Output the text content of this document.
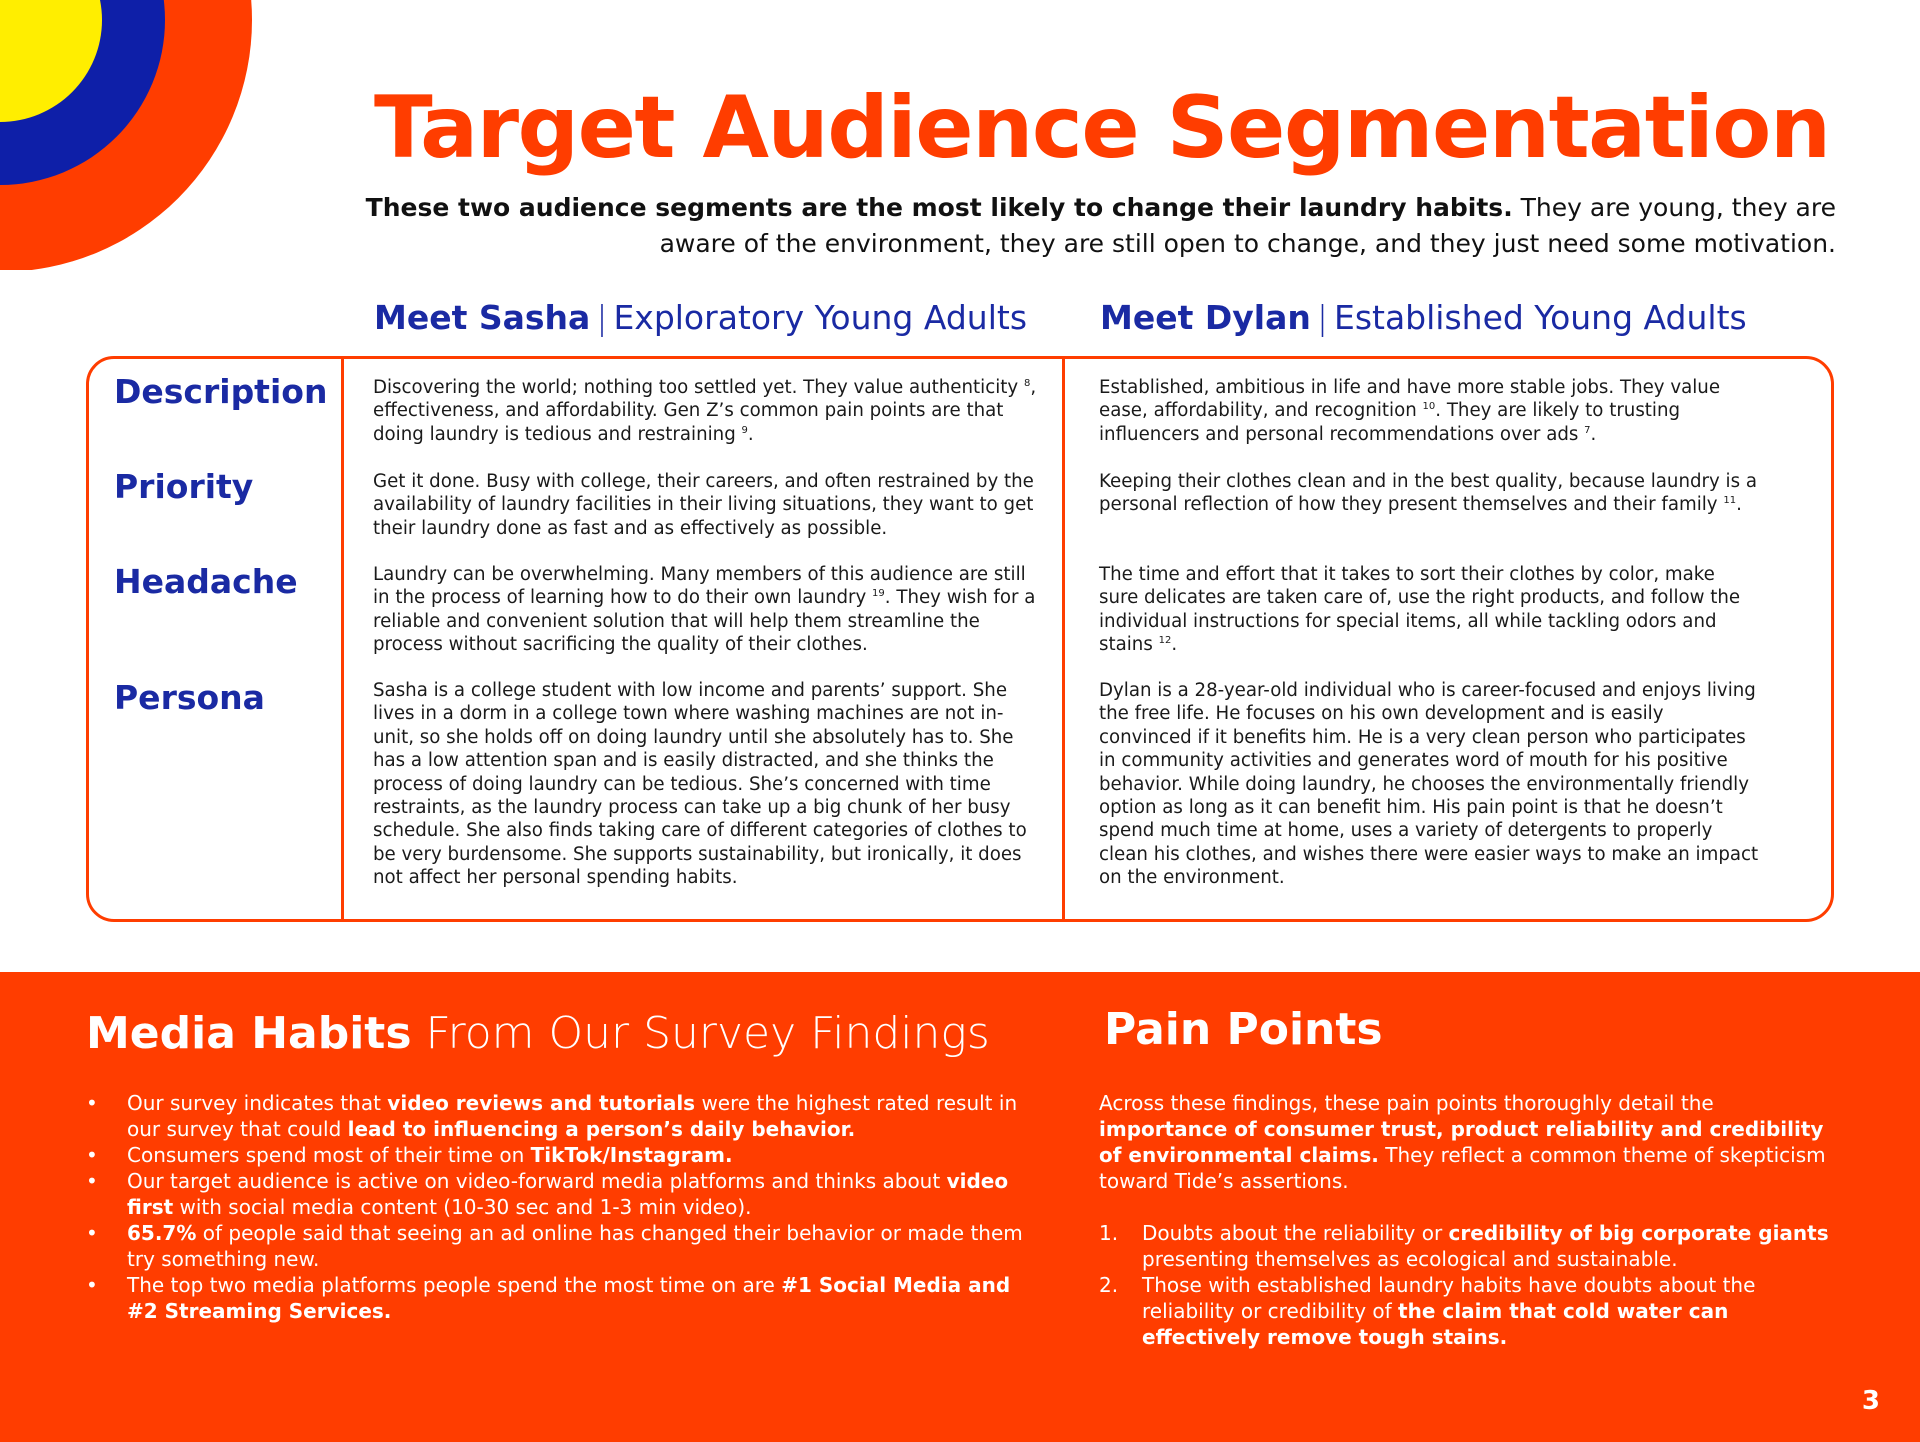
Target Audience Segmentation
These two audience segments are the most likely to change their laundry habits. They are young, they are aware of the environment, they are still open to change, and they just need some motivation.
Meet Sasha | Exploratory Young Adults Meet Dylan | Established Young Adults
Description
Priority
Headache
Persona
Discovering the world; nothing too settled yet. They value authenticity $^8$, effectiveness, and affordability. Gen Z’s common pain points are that doing laundry is tedious and restraining $^9$.
Established, ambitious in life and have more stable jobs. They value ease, affordability, and recognition $^{10}$. They are likely to trusting influencers and personal recommendations over ads $^7$.
Get it done. Busy with college, their careers, and often restrained by the availability of laundry facilities in their living situations, they want to get their laundry done as fast and as effectively as possible.
Keeping their clothes clean and in the best quality, because laundry is a personal reflection of how they present themselves and their family $^{11}$.
Laundry can be overwhelming. Many members of this audience are still in the process of learning how to do their own laundry $^{19}$. They wish for a reliable and convenient solution that will help them streamline the process without sacrificing the quality of their clothes.
The time and effort that it takes to sort their clothes by color, make sure delicates are taken care of, use the right products, and follow the individual instructions for special items, all while tackling odors and stains $^{12}$.
Sasha is a college student with low income and parents’ support. She lives in a dorm in a college town where washing machines are not in-unit, so she holds off on doing laundry until she absolutely has to. She has a low attention span and is easily distracted, and she thinks the process of doing laundry can be tedious. She’s concerned with time restraints, as the laundry process can take up a big chunk of her busy schedule. She also finds taking care of different categories of clothes to be very burdensome. She supports sustainability, but ironically, it does not affect her personal spending habits.
Dylan is a 28-year-old individual who is career-focused and enjoys living the free life. He focuses on his own development and is easily convinced if it benefits him. He is a very clean person who participates in community activities and generates word of mouth for his positive behavior. While doing laundry, he chooses the environmentally friendly option as long as it can benefit him. His pain point is that he doesn’t spend much time at home, uses a variety of detergents to properly clean his clothes, and wishes there were easier ways to make an impact on the environment.
Media Habits From Our Survey Findings
• Our survey indicates that video reviews and tutorials were the highest rated result in our survey that could lead to influencing a person’s daily behavior.
• Consumers spend most of their time on TikTok/Instagram.
• Our target audience is active on video-forward media platforms and thinks about video first with social media content (10-30 sec and 1-3 min video).
• 65.7% of people said that seeing an ad online has changed their behavior or made them try something new.
• The top two media platforms people spend the most time on are #1 Social Media and #2 Streaming Services.
Pain Points
Across these findings, these pain points thoroughly detail the importance of consumer trust, product reliability and credibility of environmental claims. They reflect a common theme of skepticism toward Tide’s assertions.
1. Doubts about the reliability or credibility of big corporate giants presenting themselves as ecological and sustainable.
2. Those with established laundry habits have doubts about the reliability or credibility of the claim that cold water can effectively remove tough stains.
3
